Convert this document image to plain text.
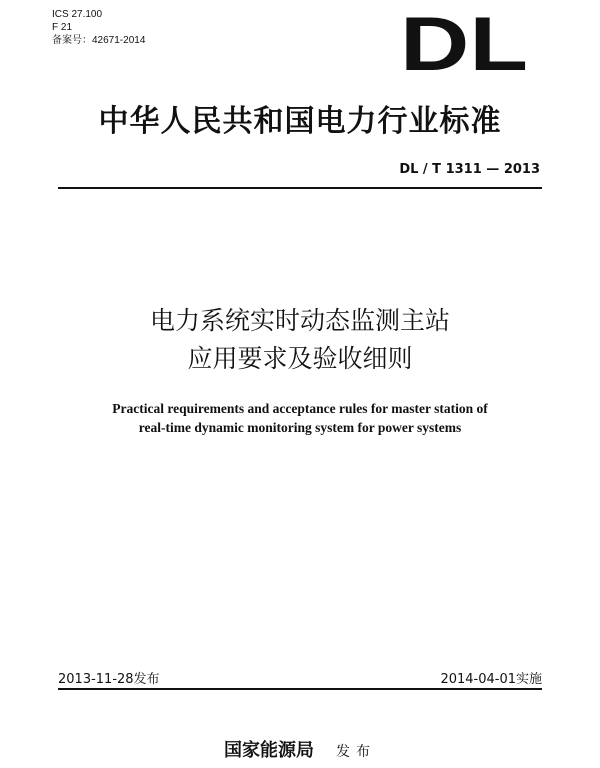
ICS 27.100
F 21
备案号：42671-2014	DL
中华人民共和国电力行业标准
DL / T 1311 — 2013
电力系统实时动态监测主站
应用要求及验收细则
Practical requirements and acceptance rules for master station of
real-time dynamic monitoring system for power systems
2013-11-28发布	2014-04-01实施
国家能源局 发布
